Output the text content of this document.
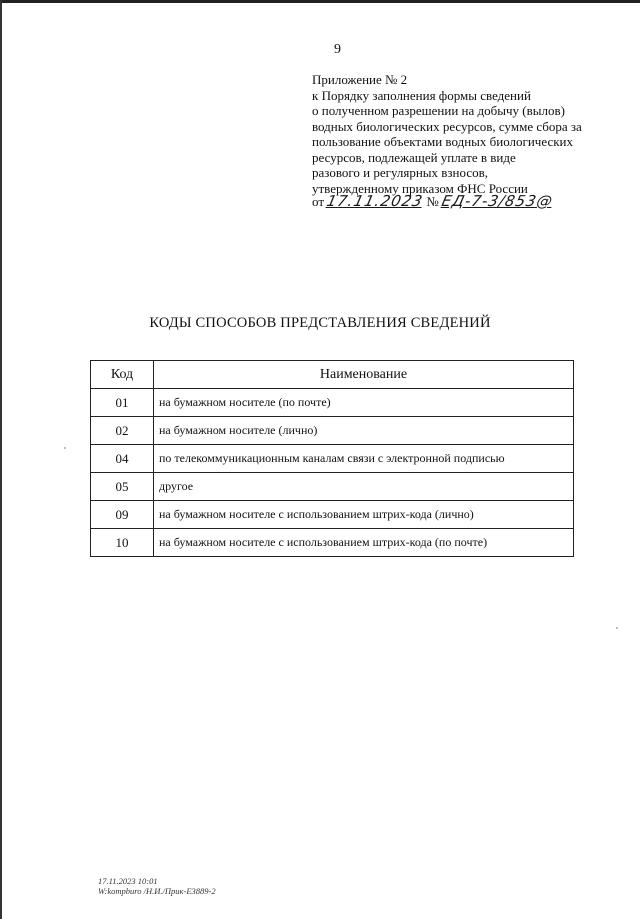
9
Приложение № 2
к Порядку заполнения формы сведений
о полученном разрешении на добычу (вылов)
водных биологических ресурсов, сумме сбора за
пользование объектами водных биологических
ресурсов, подлежащей уплате в виде
разового и регулярных взносов,
утвержденному приказом ФНС России
от 17.11.2023 № ЕД-7-3/853@
КОДЫ СПОСОБОВ ПРЕДСТАВЛЕНИЯ СВЕДЕНИЙ
Код	Наименование
01	на бумажном носителе (по почте)
02	на бумажном носителе (лично)
04	по телекоммуникационным каналам связи с электронной подписью
05	другое
09	на бумажном носителе с использованием штрих-кода (лично)
10	на бумажном носителе с использованием штрих-кода (по почте)
17.11.2023 10:01
W:kompburo /Н.И./Прик-Е3889-2
